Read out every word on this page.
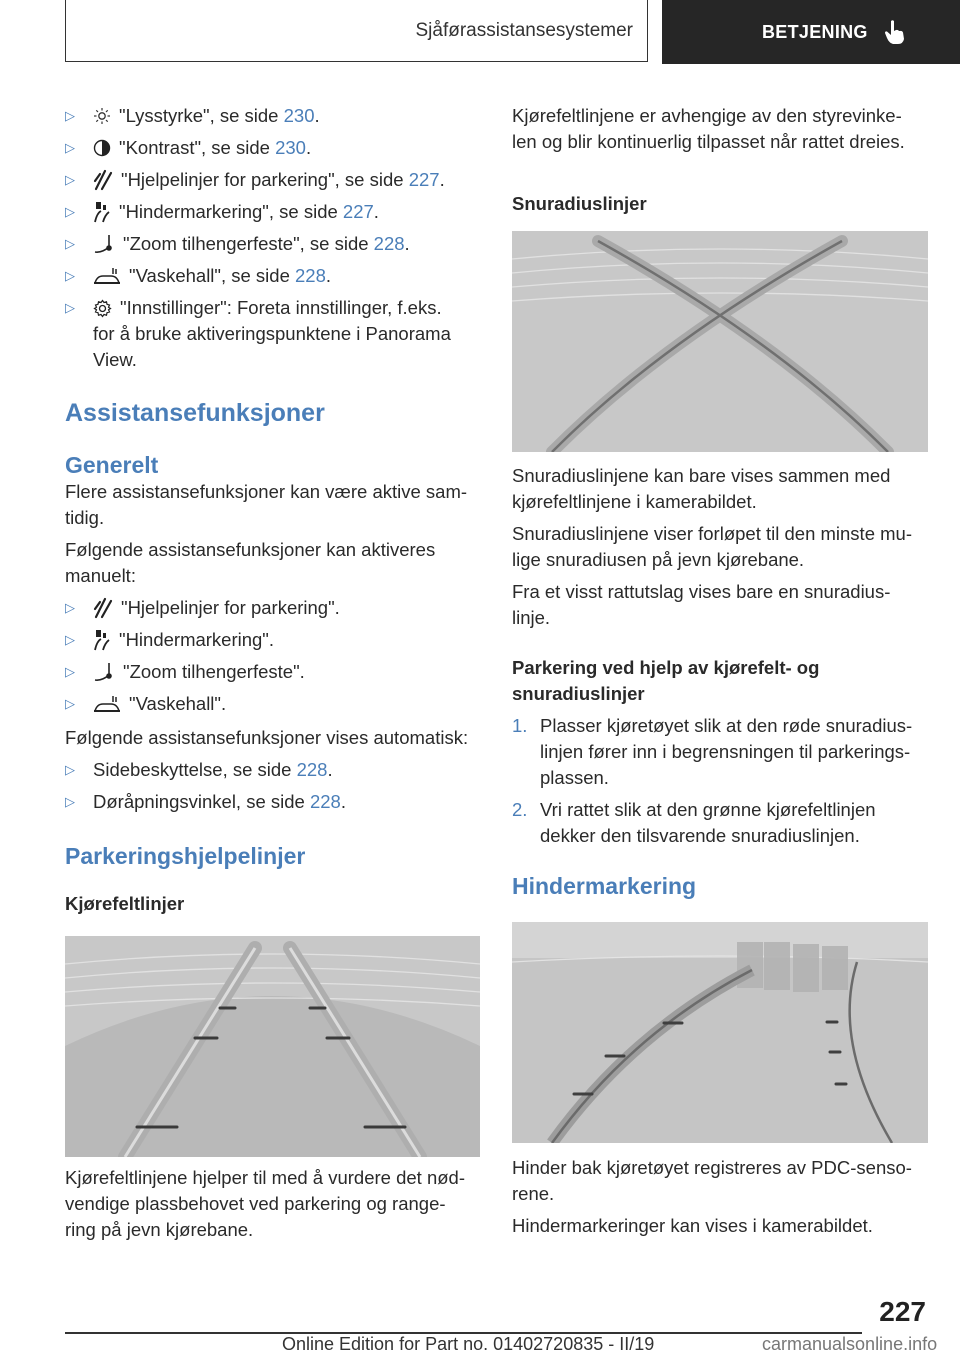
Sjåførassistansesystemer	BETJENING
▷	"Lysstyrke", se side 230.
▷	"Kontrast", se side 230.
▷	"Hjelpelinjer for parkering", se side 227.
▷	"Hindermarkering", se side 227.
▷	"Zoom tilhengerfeste", se side 228.
▷	"Vaskehall", se side 228.
▷	"Innstillinger": Foreta innstillinger, f.eks.
for å bruke aktiveringspunktene i Panorama
View.
Assistansefunksjoner
Generelt

Flere assistansefunksjoner kan være aktive sam-
tidig.

Følgende assistansefunksjoner kan aktiveres
manuelt:

▷	"Hjelpelinjer for parkering".
▷	"Hindermarkering".
▷	"Zoom tilhengerfeste".
▷	"Vaskehall".

Følgende assistansefunksjoner vises automatisk:

▷ Sidebeskyttelse, se side 228.
▷ Døråpningsvinkel, se side 228.
Parkeringshjelpelinjer
Kjørefeltlinjer

Kjørefeltlinjene hjelper til med å vurdere det nød-
vendige plassbehovet ved parkering og range-
ring på jevn kjørebane.

Kjørefeltlinjene er avhengige av den styrevinke-
len og blir kontinuerlig tilpasset når rattet dreies.

Snuradiuslinjer

Snuradiuslinjene kan bare vises sammen med
kjørefeltlinjene i kamerabildet.

Snuradiuslinjene viser forløpet til den minste mu-
lige snuradiusen på jevn kjørebane.

Fra et visst rattutslag vises bare en snuradius-
linje.

Parkering ved hjelp av kjørefelt- og
snuradiuslinjer
1. Plasser kjøretøyet slik at den røde snuradius-
linjen fører inn i begrensningen til parkerings-
plassen.
2. Vri rattet slik at den grønne kjørefeltlinjen
dekker den tilsvarende snuradiuslinjen.
Hindermarkering

Hinder bak kjøretøyet registreres av PDC-senso-
rene.

Hindermarkeringer kan vises i kamerabildet.

227
Online Edition for Part no. 01402720835 - II/19	carmanualsonline.info
